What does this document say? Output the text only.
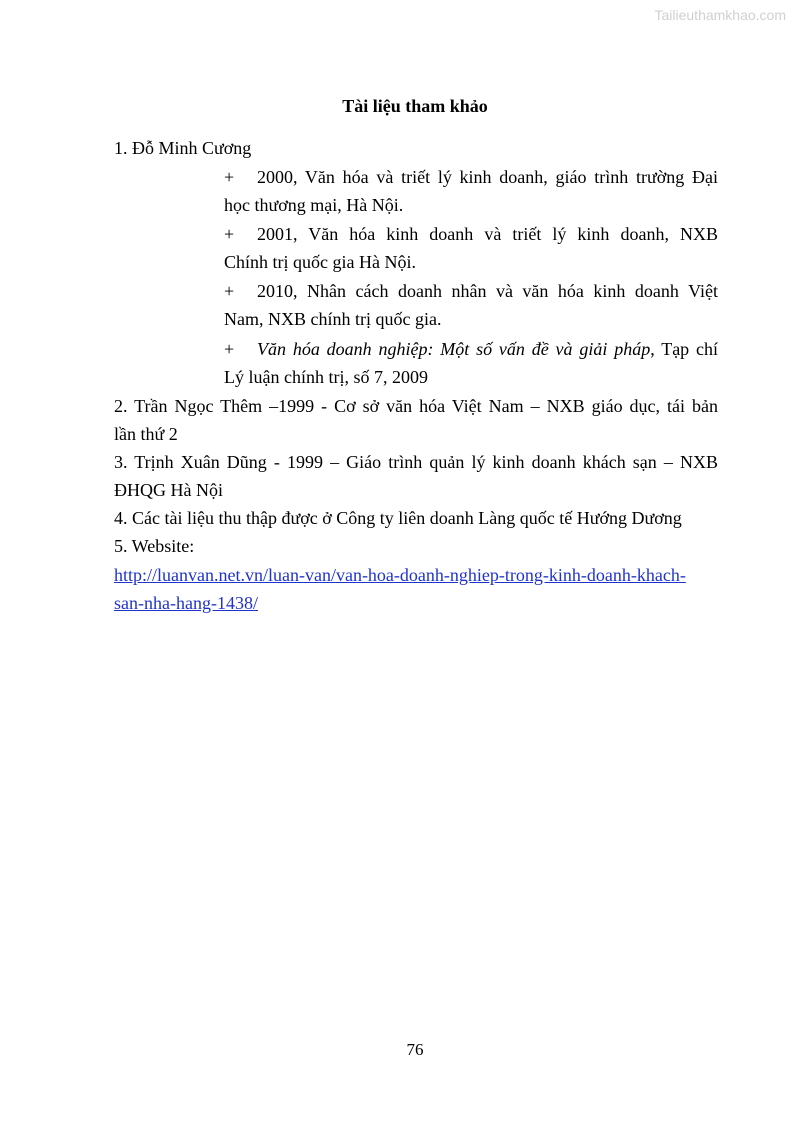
Tailieuthamkhao.com
Tài liệu tham khảo
1. Đỗ Minh Cương
+ 2000, Văn hóa và triết lý kinh doanh, giáo trình trường Đại
học thương mại, Hà Nội.
+ 2001, Văn hóa kinh doanh và triết lý kinh doanh, NXB
Chính trị quốc gia Hà Nội.
+ 2010, Nhân cách doanh nhân và văn hóa kinh doanh Việt
Nam, NXB chính trị quốc gia.
+ Văn hóa doanh nghiệp: Một số vấn đề và giải pháp, Tạp chí
Lý luận chính trị, số 7, 2009
2. Trần Ngọc Thêm –1999 - Cơ sở văn hóa Việt Nam – NXB giáo dục, tái bản
lần thứ 2
3. Trịnh Xuân Dũng - 1999 – Giáo trình quản lý kinh doanh khách sạn – NXB
ĐHQG Hà Nội
4. Các tài liệu thu thập được ở Công ty liên doanh Làng quốc tế Hướng Dương
5. Website:
http://luanvan.net.vn/luan-van/van-hoa-doanh-nghiep-trong-kinh-doanh-khach-
san-nha-hang-1438/
76
